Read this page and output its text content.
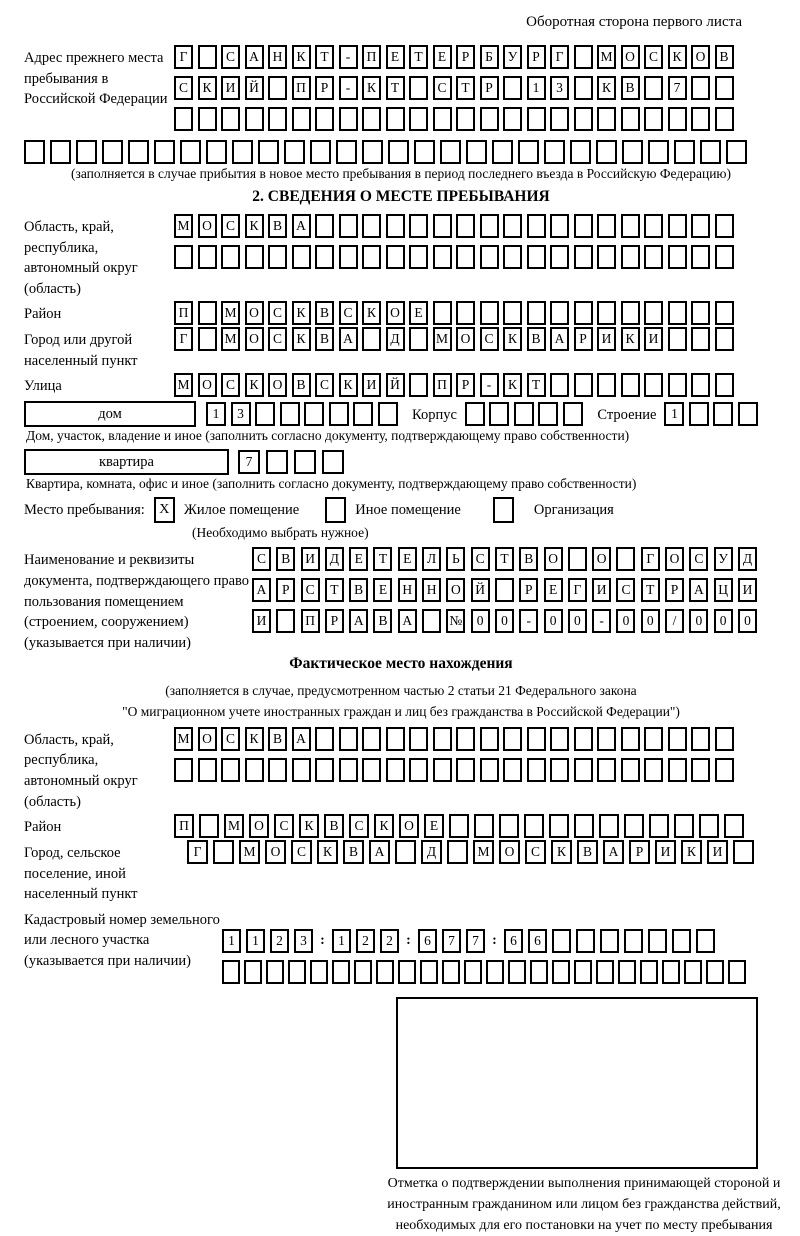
Оборотная сторона первого листа
Адрес прежнего места пребывания в Российской Федерации
Г	С	А	Н	К	Т	-	П	Е	Т	Е	Р	Б	У	Р	Г	М О	С	К	О	В
С	К	И	Й	П	Р	-	К	Т	С	Т	Р	1	3	К	В	7
(заполняется в случае прибытия в новое место пребывания в период последнего въезда в Российскую Федерацию)
2. СВЕДЕНИЯ О МЕСТЕ ПРЕБЫВАНИЯ
Область, край, республика, автономный округ (область)
М О	С	К	В	А
Район	П	М О	С	К	В	С	К	О	Е
Город или другой населенный пункт
Г	М О	С	К	В	А	Д	М О	С	К	В	А	Р	И	К	И
Улица	М О	С	К	О	В	С	К	И	Й	П	Р	-	К	Т
дом	1	3	Корпус	Строение	1
Дом, участок, владение и иное (заполнить согласно документу, подтверждающему право собственности)
квартира	7
Квартира, комната, офис и иное (заполнить согласно документу, подтверждающему право собственности)
Место пребывания:	X Жилое помещение	Иное помещение	Организация
(Необходимо выбрать нужное)
Наименование и реквизиты документа, подтверждающего право пользования помещением (строением, сооружением) (указывается при наличии)
С	В	И	Д	Е	Т	Е	Л	Ь	С	Т	В	О	О	Г	О	С	У	Д
А	Р	С	Т	В	Е	Н	Н	О	Й	Р	Е	Г	И	С	Т	Р	А	Ц	И
И	П	Р	А	В	А	№	0	0	-	0	0	-	0	0	/	0	0	0
Фактическое место нахождения
(заполняется в случае, предусмотренном частью 2 статьи 21 Федерального закона
"О миграционном учете иностранных граждан и лиц без гражданства в Российской Федерации")
Область, край, республика, автономный округ (область)
М О	С	К	В	А
Район	П	М	О	С	К	В	С	К	О	Е
Город, сельское поселение, иной населенный пункт
Г	М	О	С	К	В	А	Д	М	О	С	К	В	А	Р	И	К	И
Кадастровый номер земельного или лесного участка (указывается при наличии)
1	1	2	3 : 1	2	2 : 6	7	7 : 6	6
Отметка о подтверждении выполнения принимающей стороной и иностранным гражданином или лицом без гражданства действий, необходимых для его постановки на учет по месту пребывания
